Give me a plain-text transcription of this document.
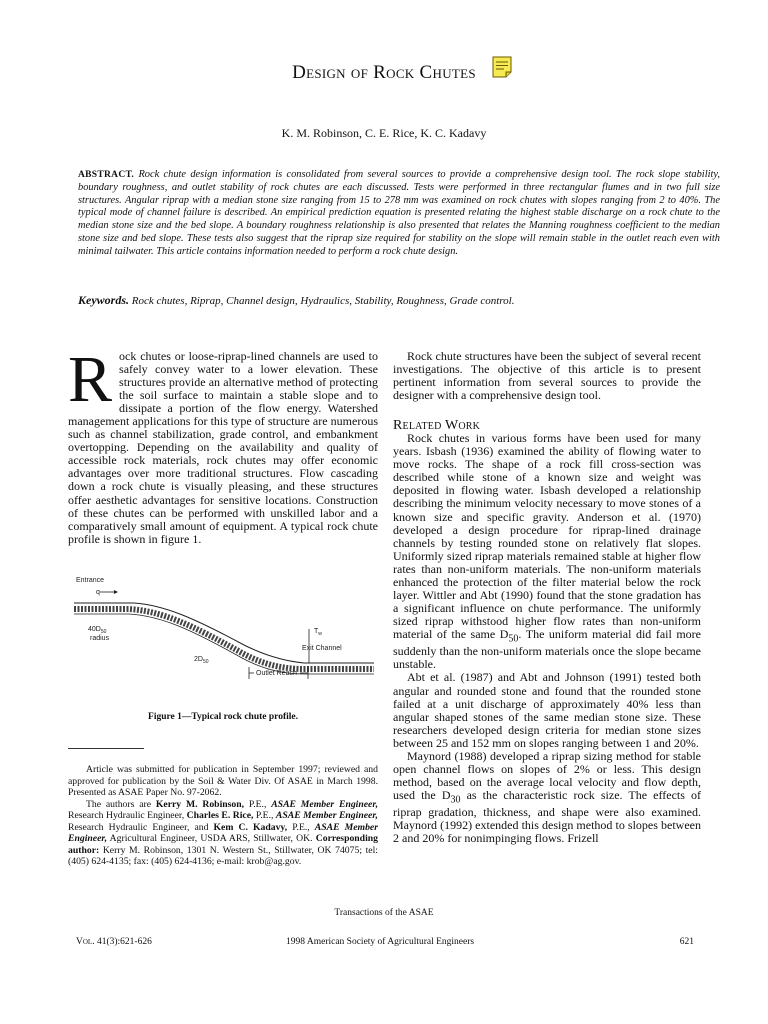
Design of Rock Chutes
K. M. Robinson, C. E. Rice, K. C. Kadavy
ABSTRACT. Rock chute design information is consolidated from several sources to provide a comprehensive design tool. The rock slope stability, boundary roughness, and outlet stability of rock chutes are each discussed. Tests were performed in three rectangular flumes and in two full size structures. Angular riprap with a median stone size ranging from 15 to 278 mm was examined on rock chutes with slopes ranging from 2 to 40%. The typical mode of channel failure is described. An empirical prediction equation is presented relating the highest stable discharge on a rock chute to the median stone size and the bed slope. A boundary roughness relationship is also presented that relates the Manning roughness coefficient to the median stone size and bed slope. These tests also suggest that the riprap size required for stability on the slope will remain stable in the outlet reach even with minimal tailwater. This article contains information needed to perform a rock chute design.
Keywords. Rock chutes, Riprap, Channel design, Hydraulics, Stability, Roughness, Grade control.

Rock chutes or loose-riprap-lined channels are used to safely convey water to a lower elevation. These structures provide an alternative method of protecting the soil surface to maintain a stable slope and to dissipate a portion of the flow energy. Watershed management applications for this type of structure are numerous such as channel stabilization, grade control, and embankment overtopping. Depending on the availability and quality of accessible rock materials, rock chutes may offer economic advantages over more traditional structures. Flow cascading down a rock chute is visually pleasing, and these structures offer aesthetic advantages for sensitive locations. Construction of these chutes can be performed with unskilled labor and a comparatively small amount of equipment. A typical rock chute profile is shown in figure 1.

Entrance
q
$T_w$
Exit Channel
$40D_{50}$
radius
$2D_{50}$
Outlet Reach
Figure 1—Typical rock chute profile.

Article was submitted for publication in September 1997; reviewed and approved for publication by the Soil & Water Div. Of ASAE in March 1998. Presented as ASAE Paper No. 97-2062.

The authors are Kerry M. Robinson, P.E., ASAE Member Engineer, Research Hydraulic Engineer, Charles E. Rice, P.E., ASAE Member Engineer, Research Hydraulic Engineer, and Kem C. Kadavy, P.E., ASAE Member Engineer, Agricultural Engineer, USDA ARS, Stillwater, OK. Corresponding author: Kerry M. Robinson, 1301 N. Western St., Stillwater, OK 74075; tel: (405) 624-4135; fax: (405) 624-4136; e-mail: krob@ag.gov.

Rock chute structures have been the subject of several recent investigations. The objective of this article is to present pertinent information from several sources to provide the designer with a comprehensive design tool.

Related Work

Rock chutes in various forms have been used for many years. Isbash (1936) examined the ability of flowing water to move rocks. The shape of a rock fill cross-section was described while stone of a known size and weight was deposited in flowing water. Isbash developed a relationship describing the minimum velocity necessary to move stones of a known size and specific gravity. Anderson et al. (1970) developed a design procedure for riprap-lined drainage channels by testing rounded stone on relatively flat slopes. Uniformly sized riprap materials remained stable at higher flow rates than non-uniform materials. The non-uniform materials enhanced the protection of the filter material below the rock layer. Wittler and Abt (1990) found that the stone gradation has a significant influence on chute performance. The uniformly sized riprap withstood higher flow rates than non-uniform material of the same $D_{50}$. The uniform material did fail more suddenly than the non-uniform materials once the slope became unstable.

Abt et al. (1987) and Abt and Johnson (1991) tested both angular and rounded stone and found that the rounded stone failed at a unit discharge of approximately 40% less than angular shaped stones of the same median stone size. These researchers developed design criteria for median stone sizes between 25 and 152 mm on slopes ranging between 1 and 20%.

Maynord (1988) developed a riprap sizing method for stable open channel flows on slopes of 2% or less. This design method, based on the average local velocity and flow depth, used the $D_{30}$ as the characteristic rock size. The effects of riprap gradation, thickness, and shape were also examined. Maynord (1992) extended this design method to slopes between 2 and 20% for nonimpinging flows. Frizell

Transactions of the ASAE
Vol. 41(3):621-626	1998 American Society of Agricultural Engineers	621
